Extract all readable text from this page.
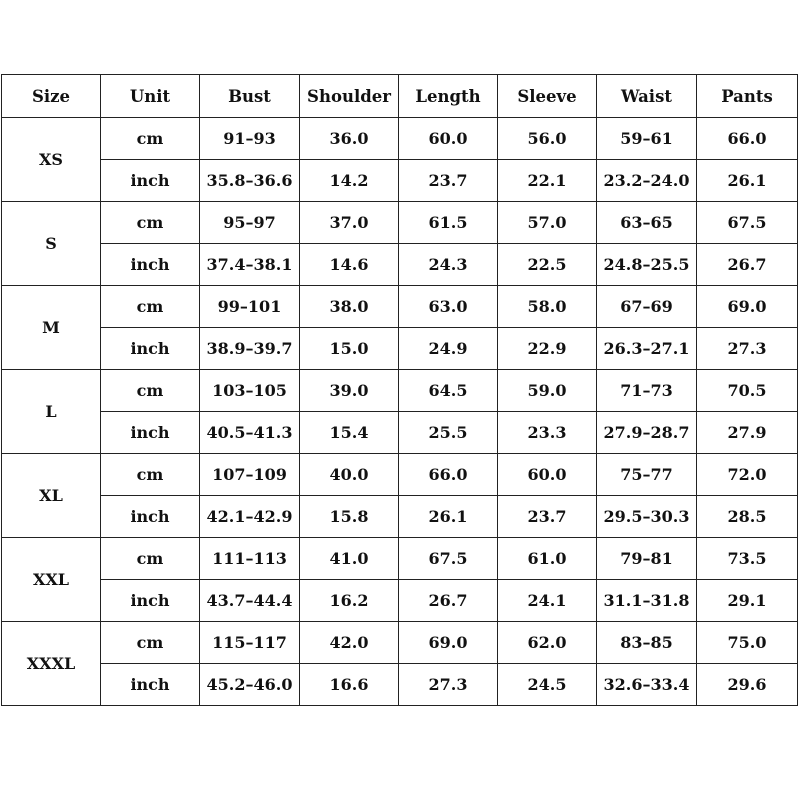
Size	Unit	Bust	Shoulder	Length	Sleeve	Waist	Pants
XS	cm	91–93	36.0	60.0	56.0	59–61	66.0
	inch	35.8–36.6	14.2	23.7	22.1	23.2–24.0	26.1
S	cm	95–97	37.0	61.5	57.0	63–65	67.5
	inch	37.4–38.1	14.6	24.3	22.5	24.8–25.5	26.7
M	cm	99–101	38.0	63.0	58.0	67–69	69.0
	inch	38.9–39.7	15.0	24.9	22.9	26.3–27.1	27.3
L	cm	103–105	39.0	64.5	59.0	71–73	70.5
	inch	40.5–41.3	15.4	25.5	23.3	27.9–28.7	27.9
XL	cm	107–109	40.0	66.0	60.0	75–77	72.0
	inch	42.1–42.9	15.8	26.1	23.7	29.5–30.3	28.5
XXL	cm	111–113	41.0	67.5	61.0	79–81	73.5
	inch	43.7–44.4	16.2	26.7	24.1	31.1–31.8	29.1
XXXL	cm	115–117	42.0	69.0	62.0	83–85	75.0
	inch	45.2–46.0	16.6	27.3	24.5	32.6–33.4	29.6
